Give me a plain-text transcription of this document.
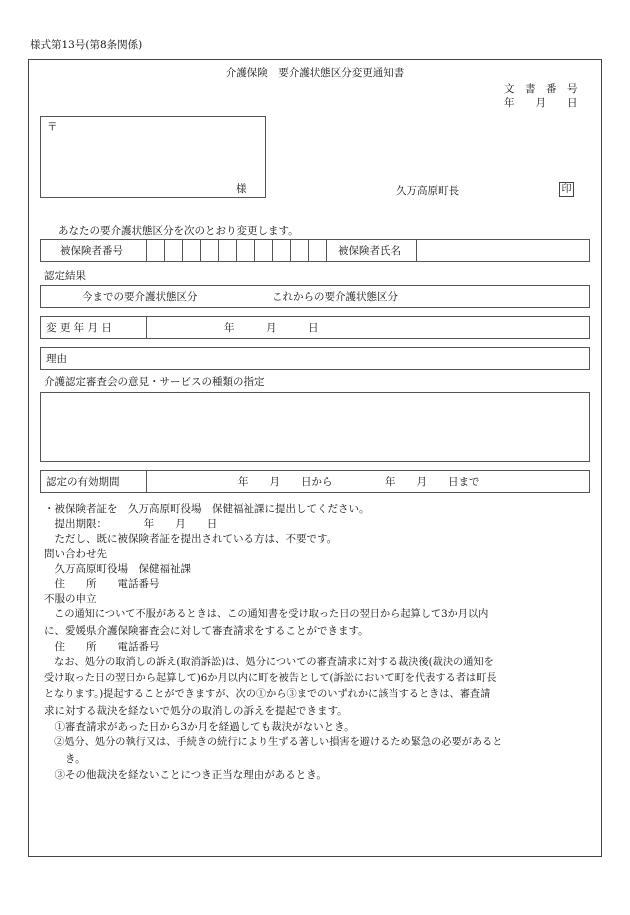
様式第13号(第8条関係)
介護保険　要介護状態区分変更通知書
文　書　番　号
年　　月　　日
〒
様	久万高原町長	印
あなたの要介護状態区分を次のとおり変更します。
被保険者番号	被保険者氏名
認定結果
今までの要介護状態区分	これからの要介護状態区分
変 更 年 月 日	年　　　月　　　日
理由
介護認定審査会の意見・サービスの種類の指定
認定の有効期間	年　　月　　日から　　　　　年　　月　　日まで
・被保険者証を　久万高原町役場　保健福祉課に提出してください。
　提出期限：　　　　年　　月　　日
　ただし、既に被保険者証を提出されている方は、不要です。
問い合わせ先
　久万高原町役場　保健福祉課
　住　　所　　電話番号
不服の申立
　この通知について不服があるときは、この通知書を受け取った日の翌日から起算して3か月以内
に、愛媛県介護保険審査会に対して審査請求をすることができます。
　住　　所　　電話番号
　なお、処分の取消しの訴え(取消訴訟)は、処分についての審査請求に対する裁決後(裁決の通知を
受け取った日の翌日から起算して)6か月以内に町を被告として(訴訟において町を代表する者は町長
となります。)提起することができますが、次の①から③までのいずれかに該当するときは、審査請
求に対する裁決を経ないで処分の取消しの訴えを提起できます。
　①審査請求があった日から3か月を経過しても裁決がないとき。
　②処分、処分の執行又は、手続きの続行により生ずる著しい損害を避けるため緊急の必要があると
　　き。
　③その他裁決を経ないことにつき正当な理由があるとき。
